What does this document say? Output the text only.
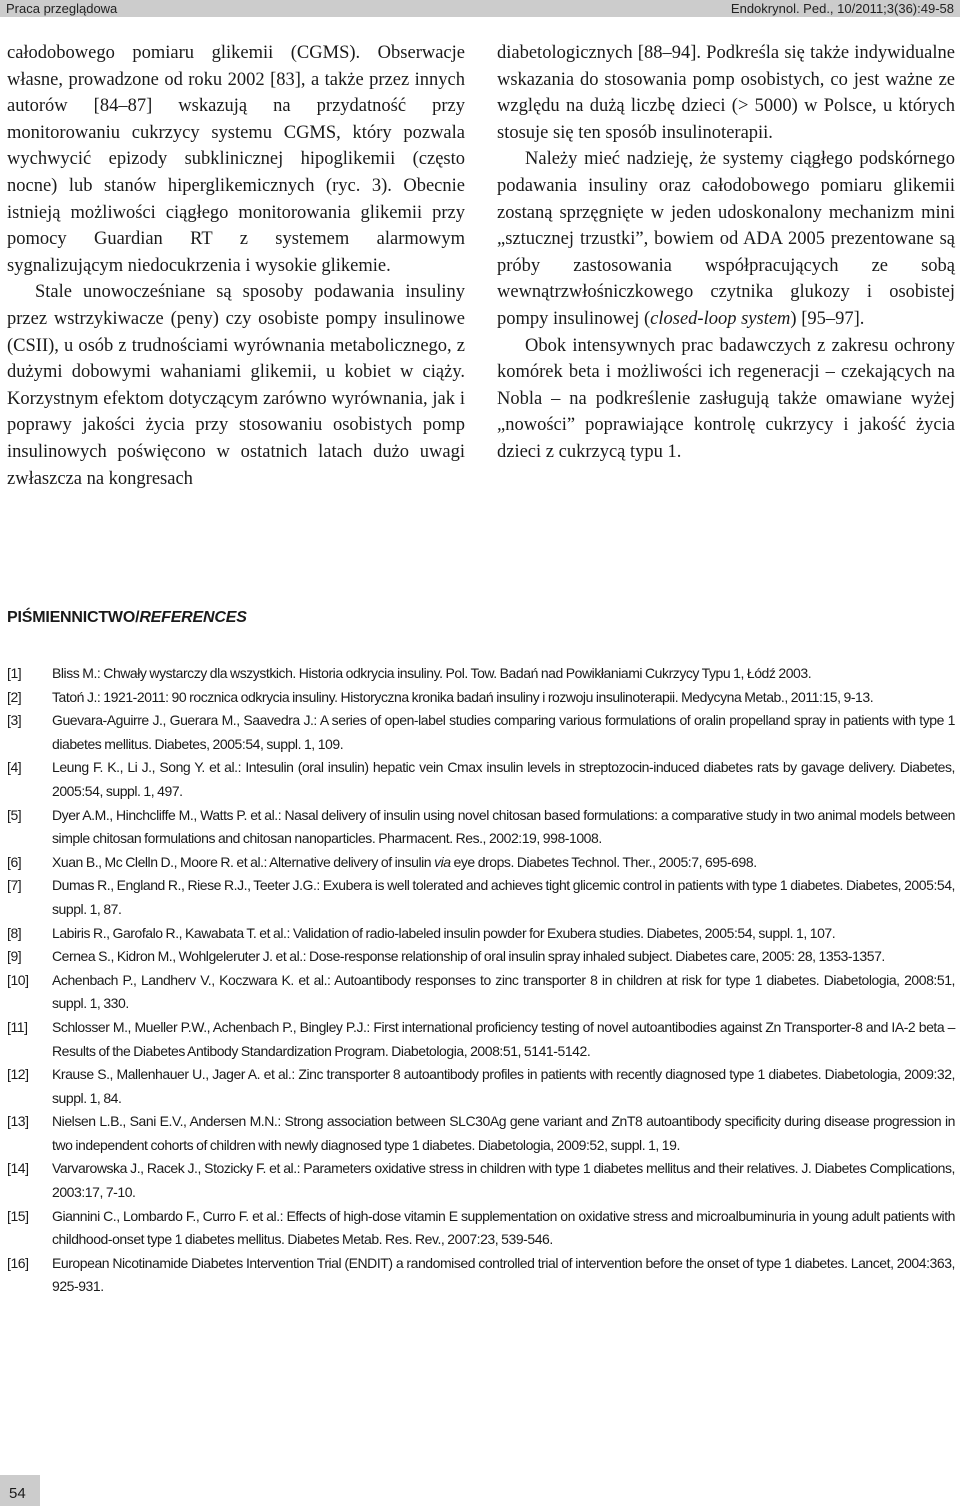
Praca przeglądowa	Endokrynol. Ped., 10/2011;3(36):49-58

całodobowego pomiaru glikemii (CGMS). Obserwacje własne, prowadzone od roku 2002 [83], a także przez innych autorów [84–87] wskazują na przydatność przy monitorowaniu cukrzycy systemu CGMS, który pozwala wychwycić epizody subklinicznej hipoglikemii (często nocne) lub stanów hiperglikemicznych (ryc. 3). Obecnie istnieją możliwości ciągłego monitorowania glikemii przy pomocy Guardian RT z systemem alarmowym sygnalizującym niedocukrzenia i wysokie glikemie.

Stale unowocześniane są sposoby podawania insuliny przez wstrzykiwacze (peny) czy osobiste pompy insulinowe (CSII), u osób z trudnościami wyrównania metabolicznego, z dużymi dobowymi wahaniami glikemii, u kobiet w ciąży. Korzystnym efektom dotyczącym zarówno wyrównania, jak i poprawy jakości życia przy stosowaniu osobistych pomp insulinowych poświęcono w ostatnich latach dużo uwagi zwłaszcza na kongresach

diabetologicznych [88–94]. Podkreśla się także indywidualne wskazania do stosowania pomp osobistych, co jest ważne ze względu na dużą liczbę dzieci (> 5000) w Polsce, u których stosuje się ten sposób insulinoterapii.

Należy mieć nadzieję, że systemy ciągłego podskórnego podawania insuliny oraz całodobowego pomiaru glikemii zostaną sprzęgnięte w jeden udoskonalony mechanizm mini „sztucznej trzustki”, bowiem od ADA 2005 prezentowane są próby zastosowania współpracujących ze sobą wewnątrzwłośniczkowego czytnika glukozy i osobistej pompy insulinowej (closed-loop system) [95–97].

Obok intensywnych prac badawczych z zakresu ochrony komórek beta i możliwości ich regeneracji – czekających na Nobla – na podkreślenie zasługują także omawiane wyżej „nowości” poprawiające kontrolę cukrzycy i jakość życia dzieci z cukrzycą typu 1.

PIŚMIENNICTWO/REFERENCES
[1]	Bliss M.: Chwały wystarczy dla wszystkich. Historia odkrycia insuliny. Pol. Tow. Badań nad Powikłaniami Cukrzycy Typu 1, Łódź 2003.
[2]	Tatoń J.: 1921-2011: 90 rocznica odkrycia insuliny. Historyczna kronika badań insuliny i rozwoju insulinoterapii. Medycyna Metab., 2011:15, 9-13.
[3]	Guevara-Aguirre J., Guerara M., Saavedra J.: A series of open-label studies comparing various formulations of oralin propelland spray in patients with type 1 diabetes mellitus. Diabetes, 2005:54, suppl. 1, 109.
[4]	Leung F. K., Li J., Song Y. et al.: Intesulin (oral insulin) hepatic vein Cmax insulin levels in streptozocin-induced diabetes rats by gavage delivery. Diabetes, 2005:54, suppl. 1, 497.
[5]	Dyer A.M., Hinchcliffe M., Watts P. et al.: Nasal delivery of insulin using novel chitosan based formulations: a comparative study in two animal models between simple chitosan formulations and chitosan nanoparticles. Pharmacent. Res., 2002:19, 998-1008.
[6]	Xuan B., Mc Clelln D., Moore R. et al.: Alternative delivery of insulin via eye drops. Diabetes Technol. Ther., 2005:7, 695-698.
[7]	Dumas R., England R., Riese R.J., Teeter J.G.: Exubera is well tolerated and achieves tight glicemic control in patients with type 1 diabetes. Diabetes, 2005:54, suppl. 1, 87.
[8]	Labiris R., Garofalo R., Kawabata T. et al.: Validation of radio-labeled insulin powder for Exubera studies. Diabetes, 2005:54, suppl. 1, 107.
[9]	Cernea S., Kidron M., Wohlgeleruter J. et al.: Dose-response relationship of oral insulin spray inhaled subject. Diabetes care, 2005: 28, 1353-1357.
[10]	Achenbach P., Landherv V., Koczwara K. et al.: Autoantibody responses to zinc transporter 8 in children at risk for type 1 diabetes. Diabetologia, 2008:51, suppl. 1, 330.
[11]	Schlosser M., Mueller P.W., Achenbach P., Bingley P.J.: First international proficiency testing of novel autoantibodies against Zn Transporter-8 and IA-2 beta – Results of the Diabetes Antibody Standardization Program. Diabetologia, 2008:51, 5141-5142.
[12]	Krause S., Mallenhauer U., Jager A. et al.: Zinc transporter 8 autoantibody profiles in patients with recently diagnosed type 1 diabetes. Diabetologia, 2009:32, suppl. 1, 84.
[13]	Nielsen L.B., Sani E.V., Andersen M.N.: Strong association between SLC30Ag gene variant and ZnT8 autoantibody specificity during disease progression in two independent cohorts of children with newly diagnosed type 1 diabetes. Diabetologia, 2009:52, suppl. 1, 19.
[14]	Varvarowska J., Racek J., Stozicky F. et al.: Parameters oxidative stress in children with type 1 diabetes mellitus and their relatives. J. Diabetes Complications, 2003:17, 7-10.
[15]	Giannini C., Lombardo F., Curro F. et al.: Effects of high-dose vitamin E supplementation on oxidative stress and microalbuminuria in young adult patients with childhood-onset type 1 diabetes mellitus. Diabetes Metab. Res. Rev., 2007:23, 539-546.
[16]	European Nicotinamide Diabetes Intervention Trial (ENDIT) a randomised controlled trial of intervention before the onset of type 1 diabetes. Lancet, 2004:363, 925-931.
54
